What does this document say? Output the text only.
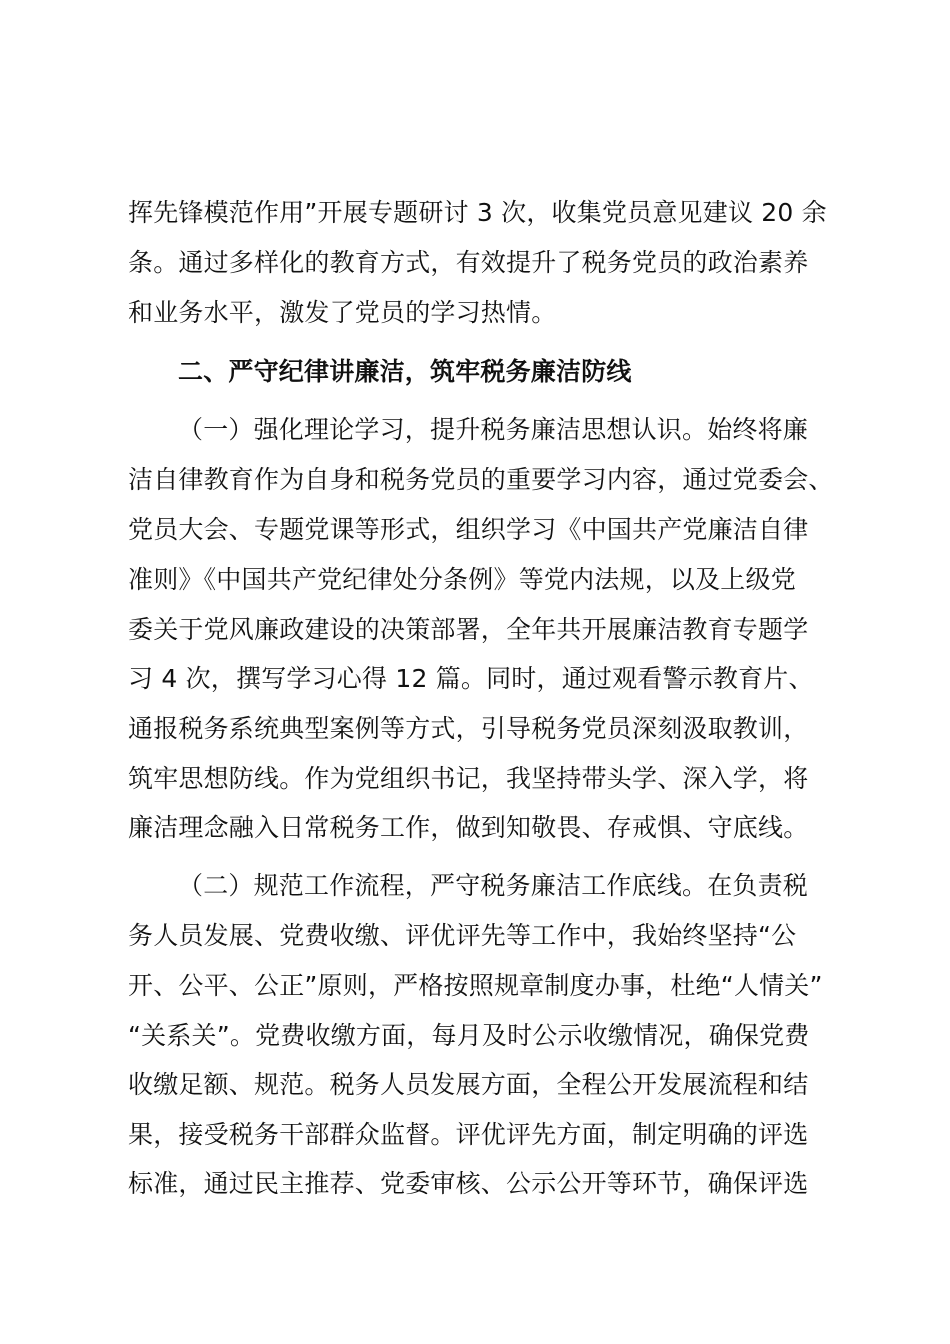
挥先锋模范作用”开展专题研讨 3 次，收集党员意见建议 20 余
条。通过多样化的教育方式，有效提升了税务党员的政治素养
和业务水平，激发了党员的学习热情。
二、严守纪律讲廉洁，筑牢税务廉洁防线
（一）强化理论学习，提升税务廉洁思想认识。始终将廉
洁自律教育作为自身和税务党员的重要学习内容，通过党委会、
党员大会、专题党课等形式，组织学习《中国共产党廉洁自律
准则》《中国共产党纪律处分条例》等党内法规，以及上级党
委关于党风廉政建设的决策部署，全年共开展廉洁教育专题学
习 4 次，撰写学习心得 12 篇。同时，通过观看警示教育片、
通报税务系统典型案例等方式，引导税务党员深刻汲取教训，
筑牢思想防线。作为党组织书记，我坚持带头学、深入学，将
廉洁理念融入日常税务工作，做到知敬畏、存戒惧、守底线。
（二）规范工作流程，严守税务廉洁工作底线。在负责税
务人员发展、党费收缴、评优评先等工作中，我始终坚持“公
开、公平、公正”原则，严格按照规章制度办事，杜绝“人情关”
“关系关”。党费收缴方面，每月及时公示收缴情况，确保党费
收缴足额、规范。税务人员发展方面，全程公开发展流程和结
果，接受税务干部群众监督。评优评先方面，制定明确的评选
标准，通过民主推荐、党委审核、公示公开等环节，确保评选
